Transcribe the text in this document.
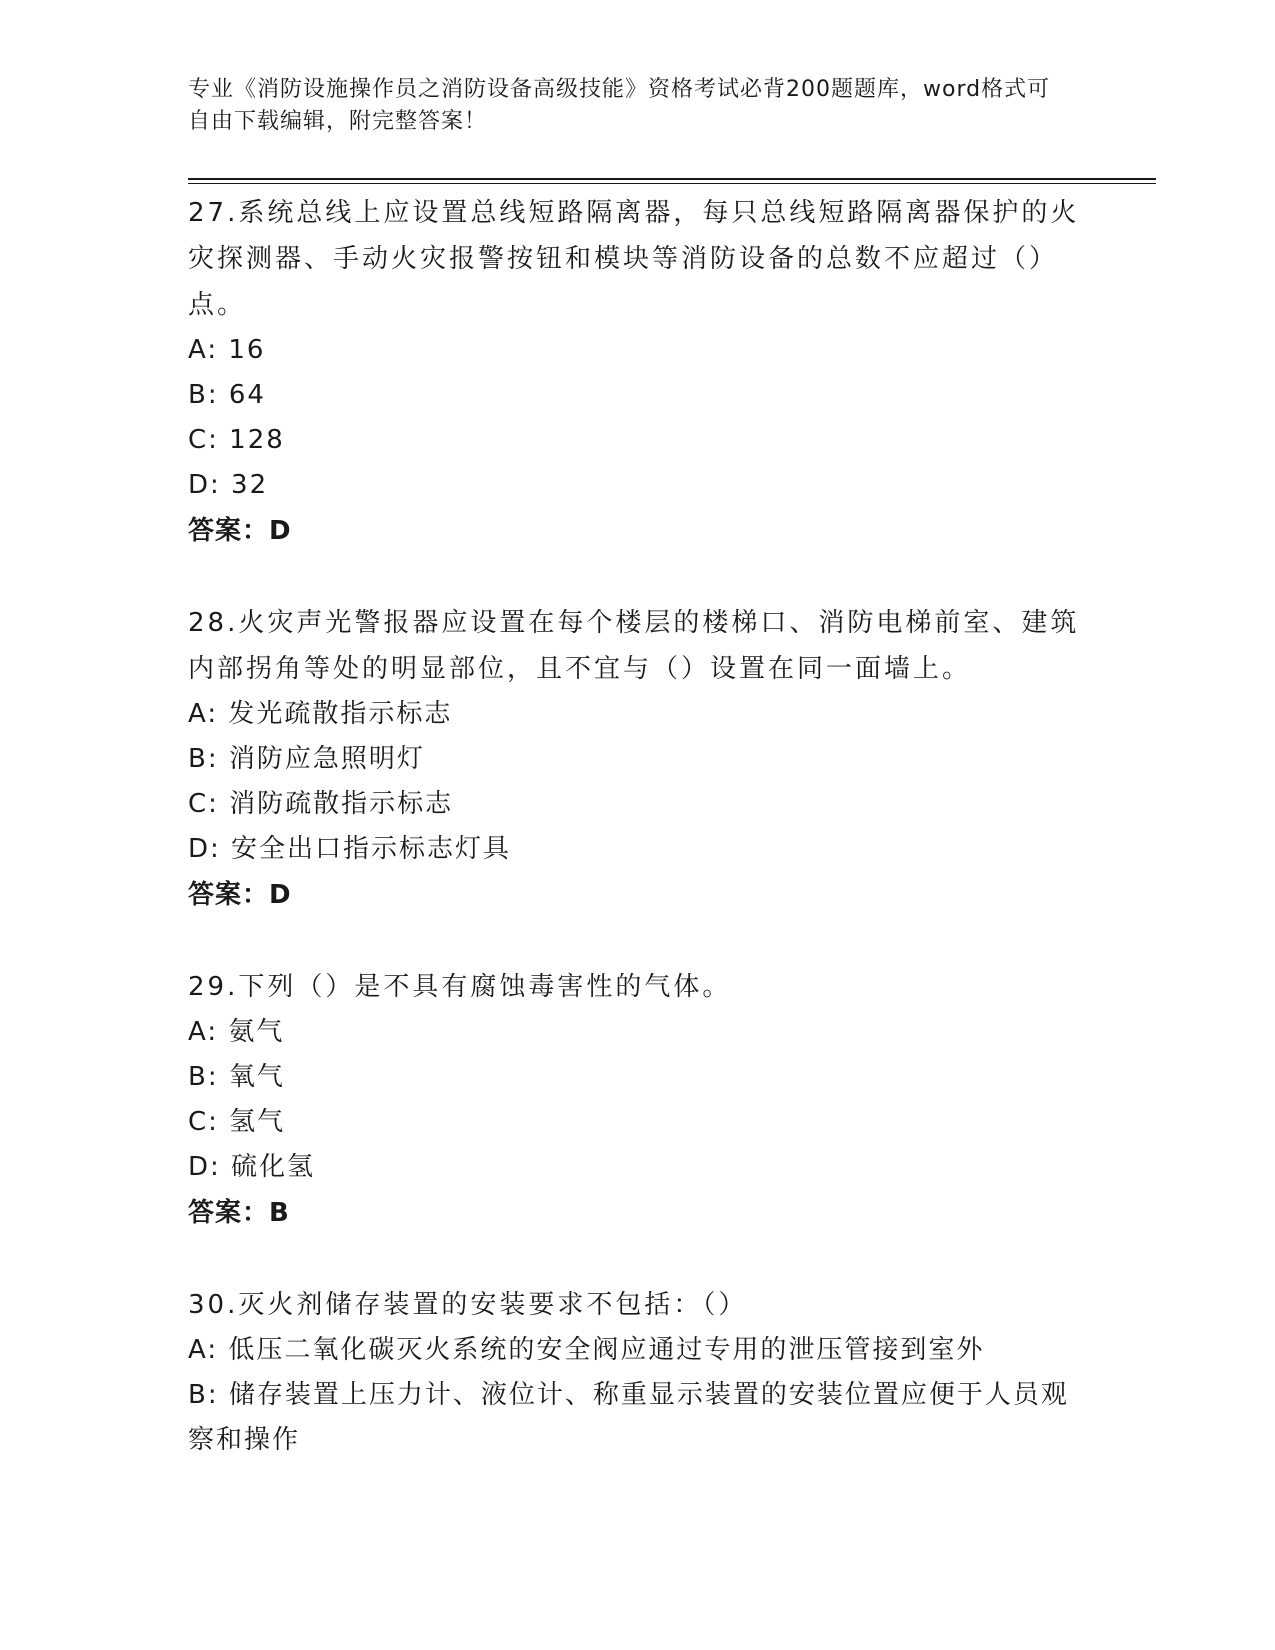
专业《消防设施操作员之消防设备高级技能》资格考试必背200题题库，word格式可自由下载编辑，附完整答案！
27.系统总线上应设置总线短路隔离器，每只总线短路隔离器保护的火灾探测器、手动火灾报警按钮和模块等消防设备的总数不应超过（）点。
A: 16
B: 64
C: 128
D: 32
答案：D
28.火灾声光警报器应设置在每个楼层的楼梯口、消防电梯前室、建筑内部拐角等处的明显部位，且不宜与（）设置在同一面墙上。
A: 发光疏散指示标志
B: 消防应急照明灯
C: 消防疏散指示标志
D: 安全出口指示标志灯具
答案：D
29.下列（）是不具有腐蚀毒害性的气体。
A: 氨气
B: 氧气
C: 氢气
D: 硫化氢
答案：B
30.灭火剂储存装置的安装要求不包括：（）
A: 低压二氧化碳灭火系统的安全阀应通过专用的泄压管接到室外
B: 储存装置上压力计、液位计、称重显示装置的安装位置应便于人员观察和操作
